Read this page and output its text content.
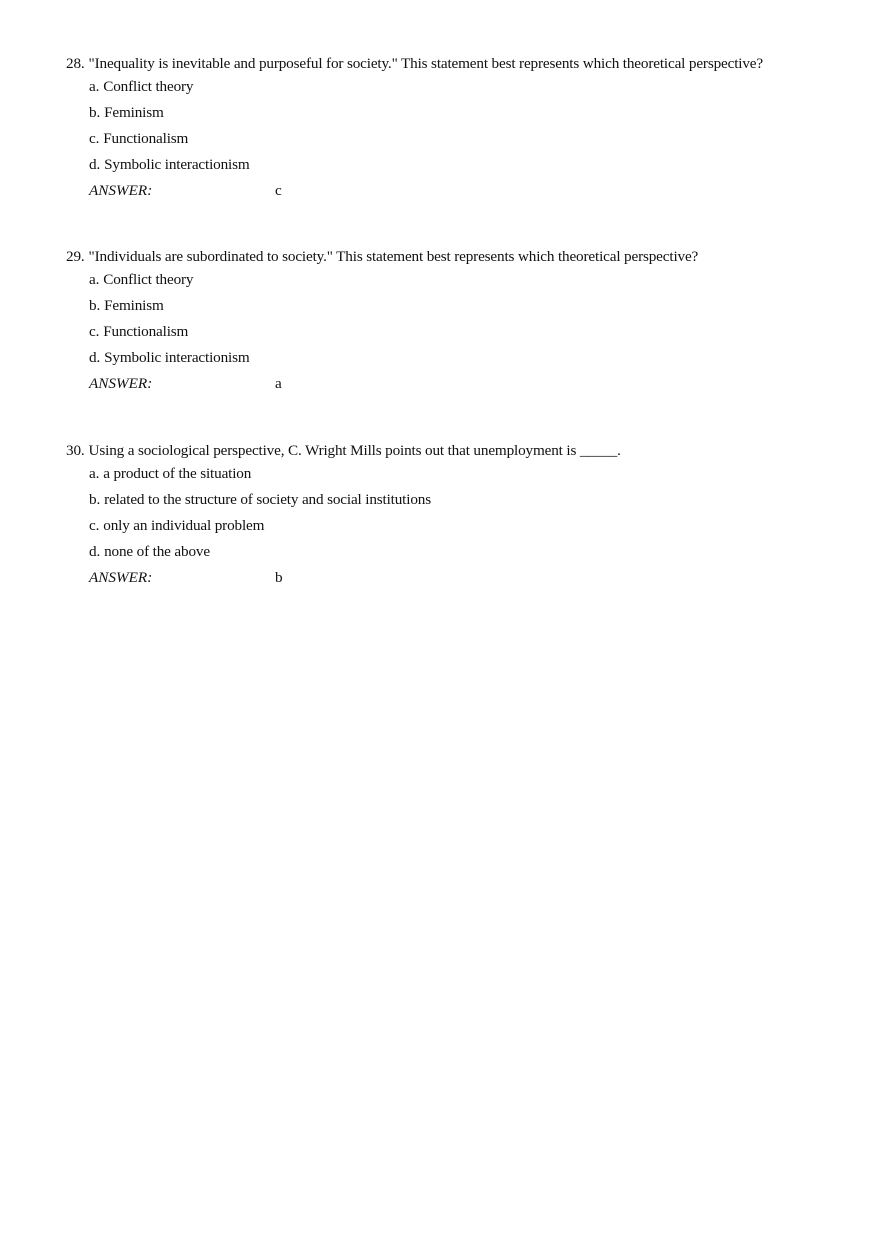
28. "Inequality is inevitable and purposeful for society." This statement best represents which theoretical perspective?
a. Conflict theory
b. Feminism
c. Functionalism
d. Symbolic interactionism
ANSWER:	c
29. "Individuals are subordinated to society." This statement best represents which theoretical perspective?
a. Conflict theory
b. Feminism
c. Functionalism
d. Symbolic interactionism
ANSWER:	a
30. Using a sociological perspective, C. Wright Mills points out that unemployment is _____.
a. a product of the situation
b. related to the structure of society and social institutions
c. only an individual problem
d. none of the above
ANSWER:	b
